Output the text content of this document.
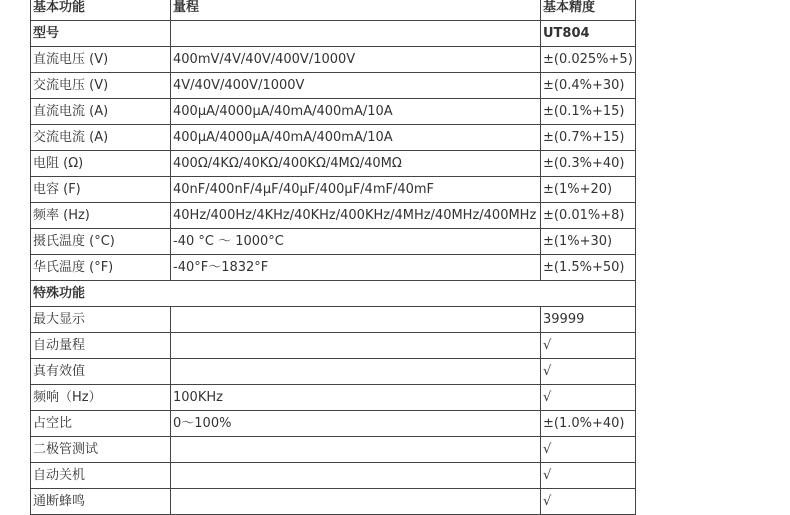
基本功能	量程	基本精度
型号		UT804
直流电压 (V)	400mV/4V/40V/400V/1000V	±(0.025%+5)
交流电压 (V)	4V/40V/400V/1000V	±(0.4%+30)
直流电流 (A)	400μA/4000μA/40mA/400mA/10A	±(0.1%+15)
交流电流 (A)	400μA/4000μA/40mA/400mA/10A	±(0.7%+15)
电阻 (Ω)	400Ω/4KΩ/40KΩ/400KΩ/4MΩ/40MΩ	±(0.3%+40)
电容 (F)	40nF/400nF/4μF/40μF/400μF/4mF/40mF	±(1%+20)
频率 (Hz)	40Hz/400Hz/4KHz/40KHz/400KHz/4MHz/40MHz/400MHz	±(0.01%+8)
摄氏温度 (°C)	-40 °C ～ 1000°C	±(1%+30)
华氏温度 (°F)	-40°F～1832°F	±(1.5%+50)
特殊功能		
最大显示		39999
自动量程		√
真有效值		√
频响（Hz）	100KHz	√
占空比	0～100%	±(1.0%+40)
二极管测试		√
自动关机		√
通断蜂鸣		√
